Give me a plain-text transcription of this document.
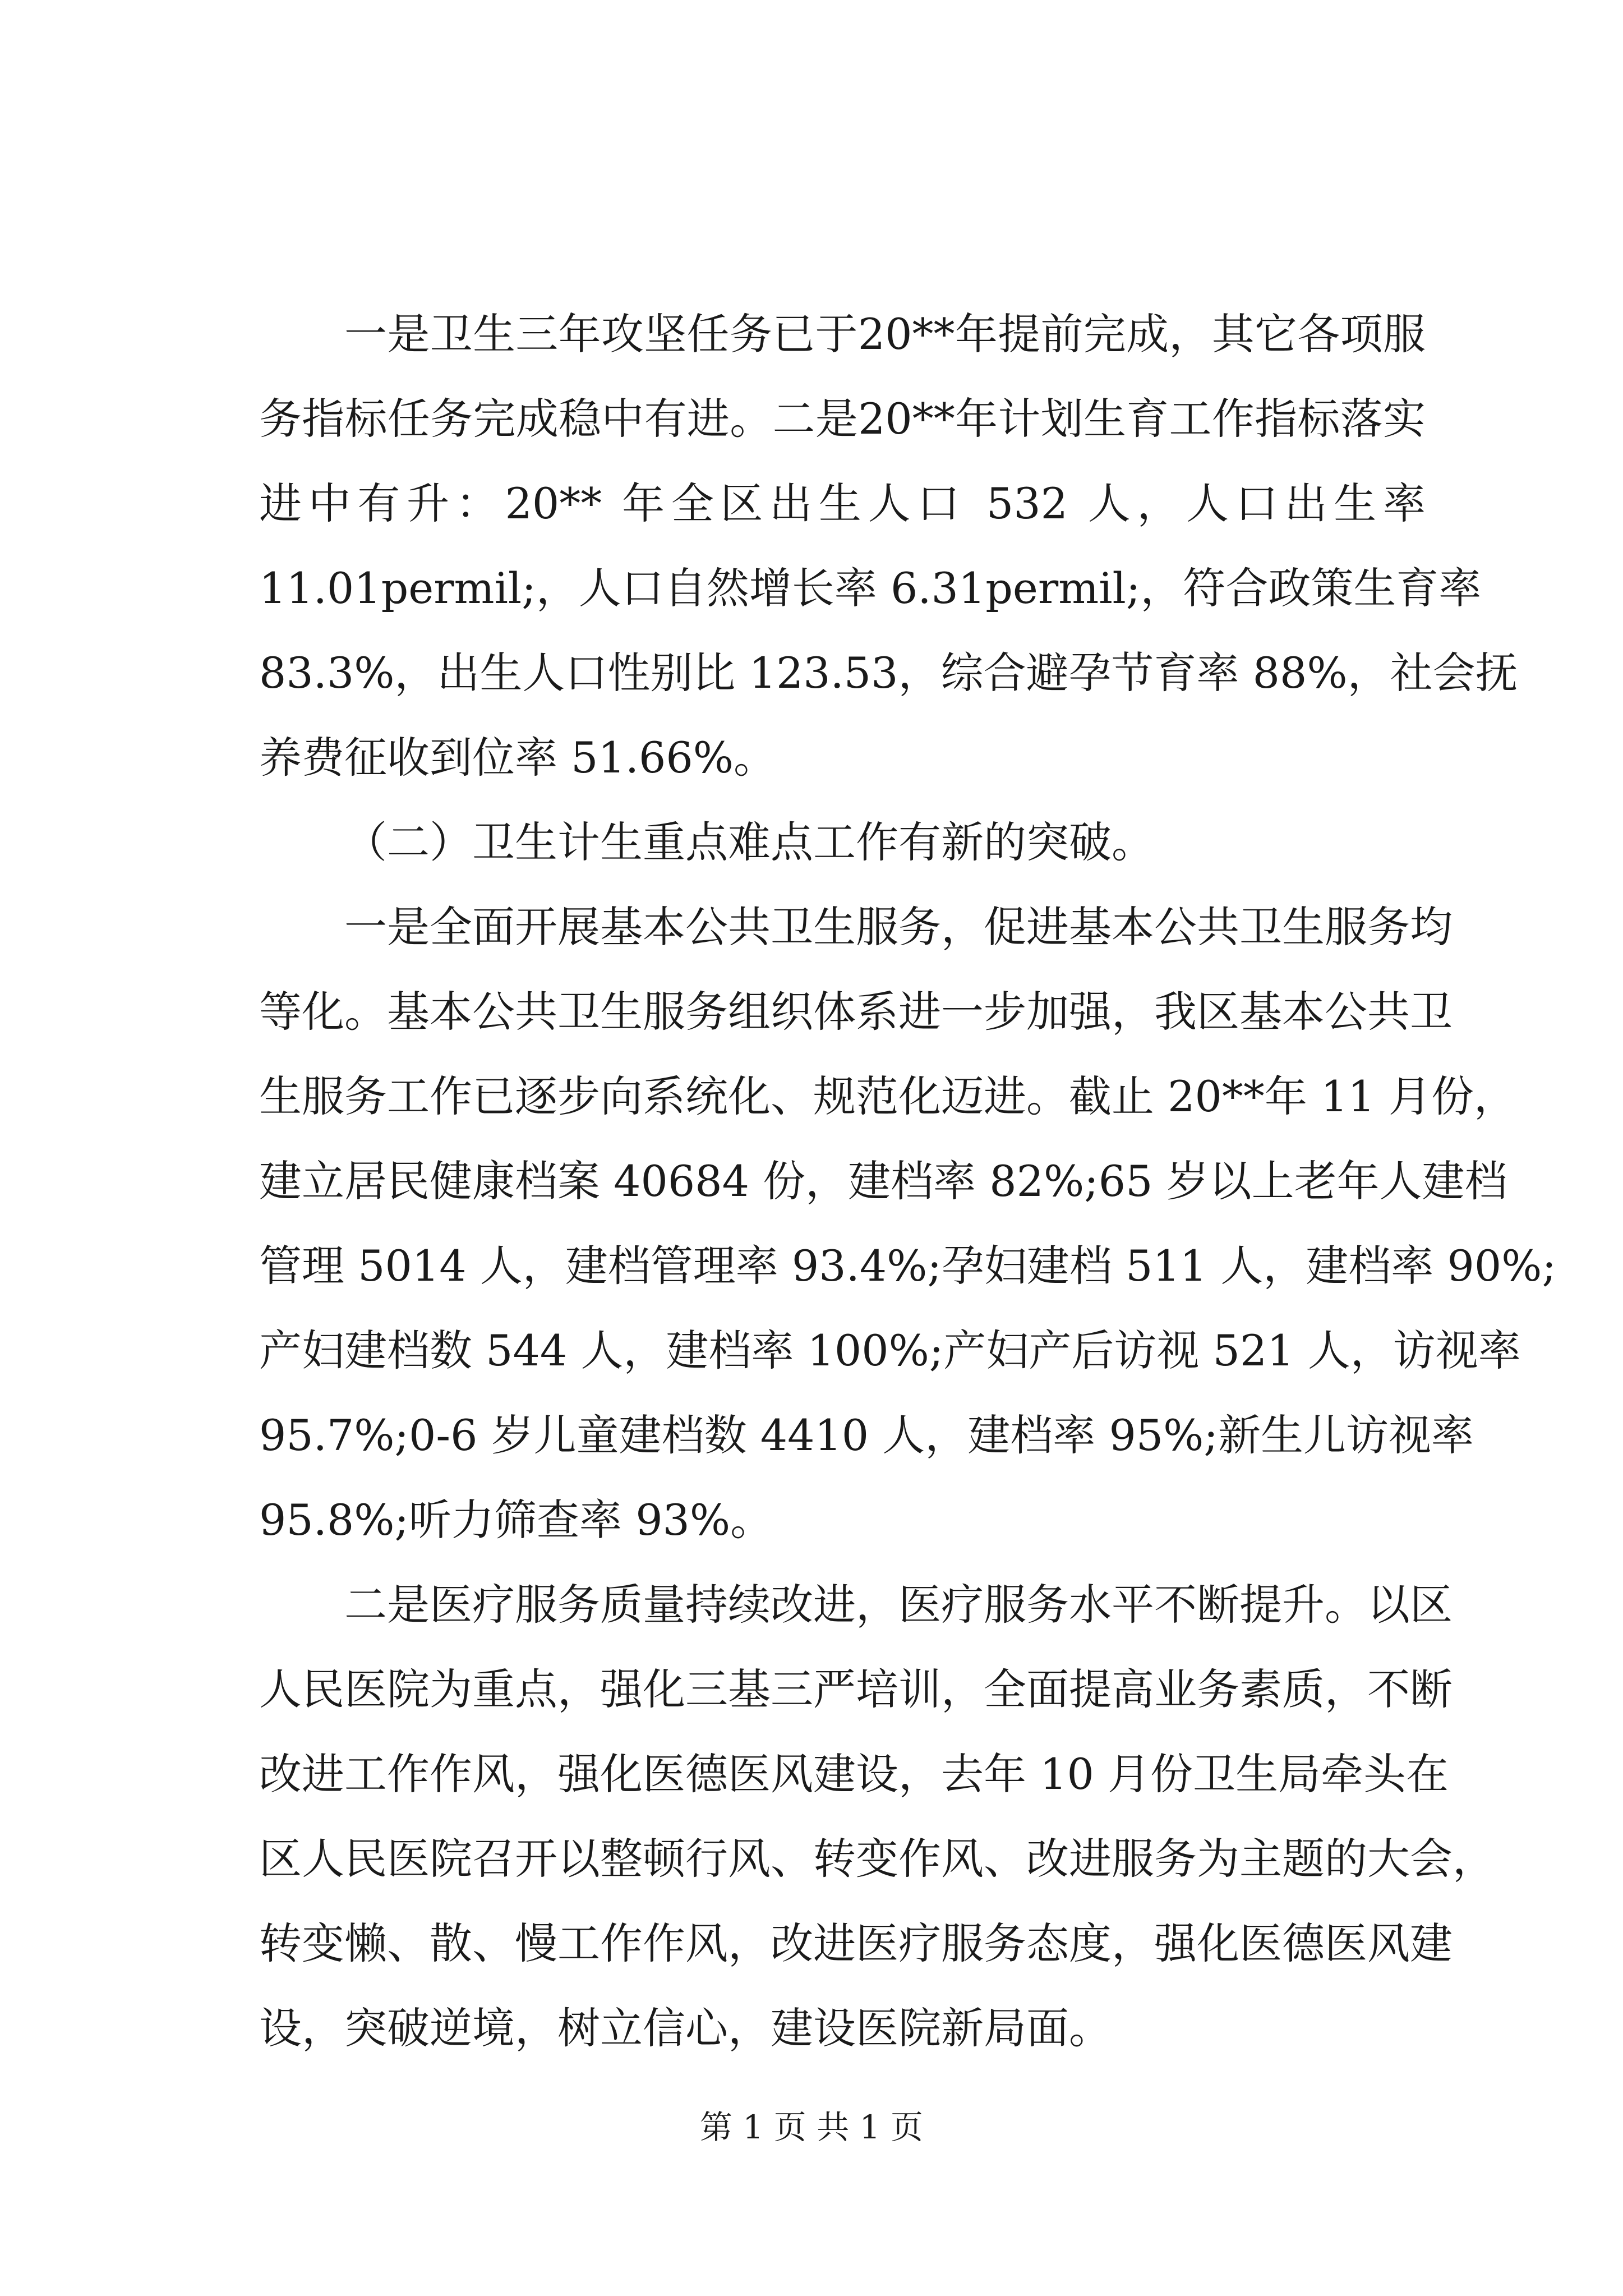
一是卫生三年攻坚任务已于20**年提前完成，其它各项服
务指标任务完成稳中有进。二是20**年计划生育工作指标落实
进中有升：20** 年全区出生人口 532 人，人口出生率
11.01permil;，人口自然增长率 6.31permil;，符合政策生育率
83.3%，出生人口性别比 123.53，综合避孕节育率 88%，社会抚
养费征收到位率 51.66%。
（二）卫生计生重点难点工作有新的突破。
一是全面开展基本公共卫生服务，促进基本公共卫生服务均
等化。基本公共卫生服务组织体系进一步加强，我区基本公共卫
生服务工作已逐步向系统化、规范化迈进。截止 20**年 11 月份，
建立居民健康档案 40684 份，建档率 82%;65 岁以上老年人建档
管理 5014 人，建档管理率 93.4%;孕妇建档 511 人，建档率 90%;
产妇建档数 544 人，建档率 100%;产妇产后访视 521 人，访视率
95.7%;0-6 岁儿童建档数 4410 人，建档率 95%;新生儿访视率
95.8%;听力筛查率 93%。
二是医疗服务质量持续改进，医疗服务水平不断提升。以区
人民医院为重点，强化三基三严培训，全面提高业务素质，不断
改进工作作风，强化医德医风建设，去年 10 月份卫生局牵头在
区人民医院召开以整顿行风、转变作风、改进服务为主题的大会，
转变懒、散、慢工作作风，改进医疗服务态度，强化医德医风建
设，突破逆境，树立信心，建设医院新局面。
第 1 页 共 1 页
